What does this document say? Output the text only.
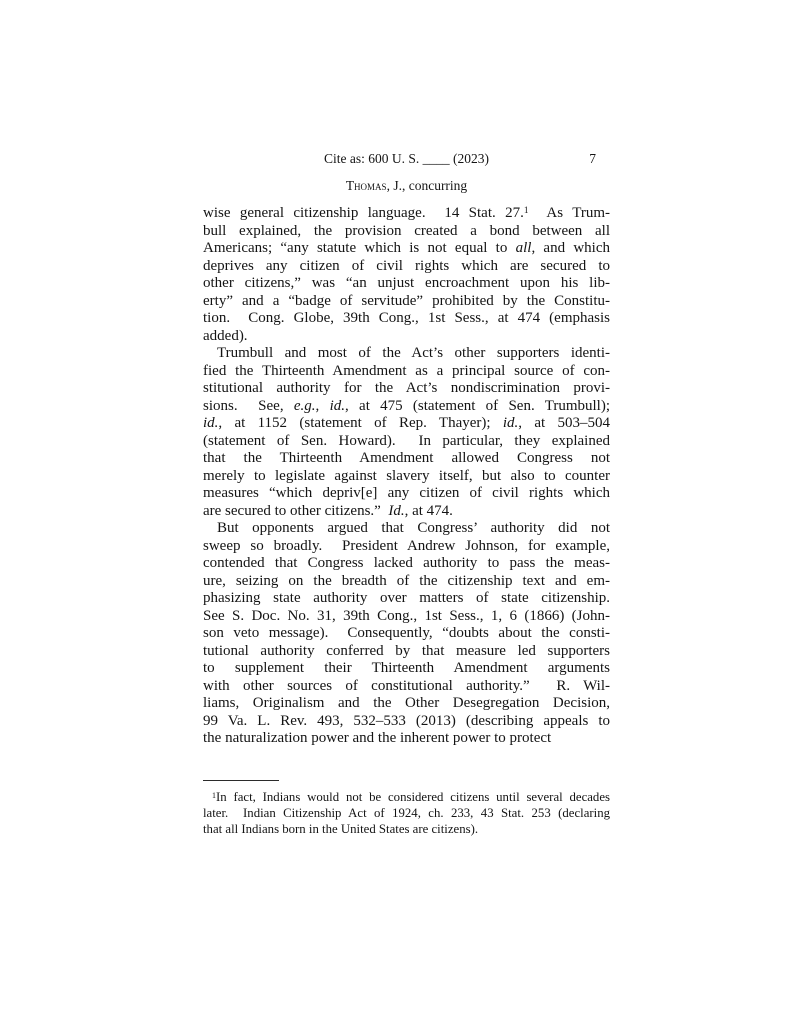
Cite as: 600 U. S. ____ (2023)	7
Thomas, J., concurring
wise general citizenship language.  14 Stat. 27.$^1$  As Trum-
bull explained, the provision created a bond between all
Americans; “any statute which is not equal to all, and which
deprives any citizen of civil rights which are secured to
other citizens,” was “an unjust encroachment upon his lib-
erty” and a “badge of servitude” prohibited by the Constitu-
tion.  Cong. Globe, 39th Cong., 1st Sess., at 474 (emphasis
added).
Trumbull and most of the Act’s other supporters identi-
fied the Thirteenth Amendment as a principal source of con-
stitutional authority for the Act’s nondiscrimination provi-
sions.  See, e.g., id., at 475 (statement of Sen. Trumbull);
id., at 1152 (statement of Rep. Thayer); id., at 503–504
(statement of Sen. Howard).  In particular, they explained
that the Thirteenth Amendment allowed Congress not
merely to legislate against slavery itself, but also to counter
measures “which depriv[e] any citizen of civil rights which
are secured to other citizens.”  Id., at 474.
But opponents argued that Congress’ authority did not
sweep so broadly.  President Andrew Johnson, for example,
contended that Congress lacked authority to pass the meas-
ure, seizing on the breadth of the citizenship text and em-
phasizing state authority over matters of state citizenship.
See S. Doc. No. 31, 39th Cong., 1st Sess., 1, 6 (1866) (John-
son veto message).  Consequently, “doubts about the consti-
tutional authority conferred by that measure led supporters
to supplement their Thirteenth Amendment arguments
with other sources of constitutional authority.”  R. Wil-
liams, Originalism and the Other Desegregation Decision,
99 Va. L. Rev. 493, 532–533 (2013) (describing appeals to
the naturalization power and the inherent power to protect
$^1$In fact, Indians would not be considered citizens until several decades
later.  Indian Citizenship Act of 1924, ch. 233, 43 Stat. 253 (declaring
that all Indians born in the United States are citizens).
